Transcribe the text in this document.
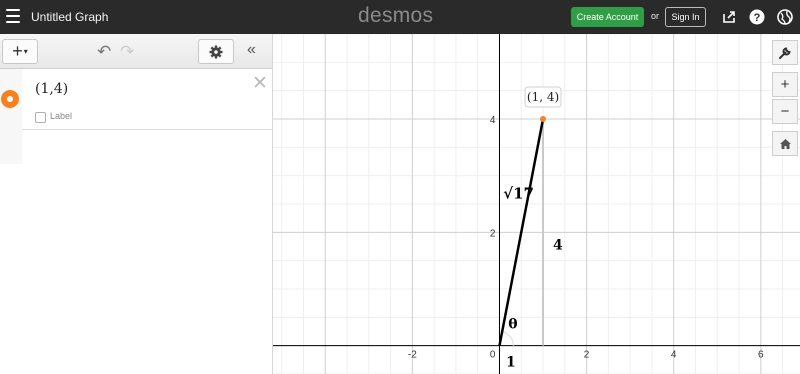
Untitled Graph	desmos	Create Account	or	Sign In	?
+ ▾	↶ ↷	«
(1,4)	✕
Label
-2	2	4	6
2
4
0
(1, 4)
√17
4
1
θ
+
−
